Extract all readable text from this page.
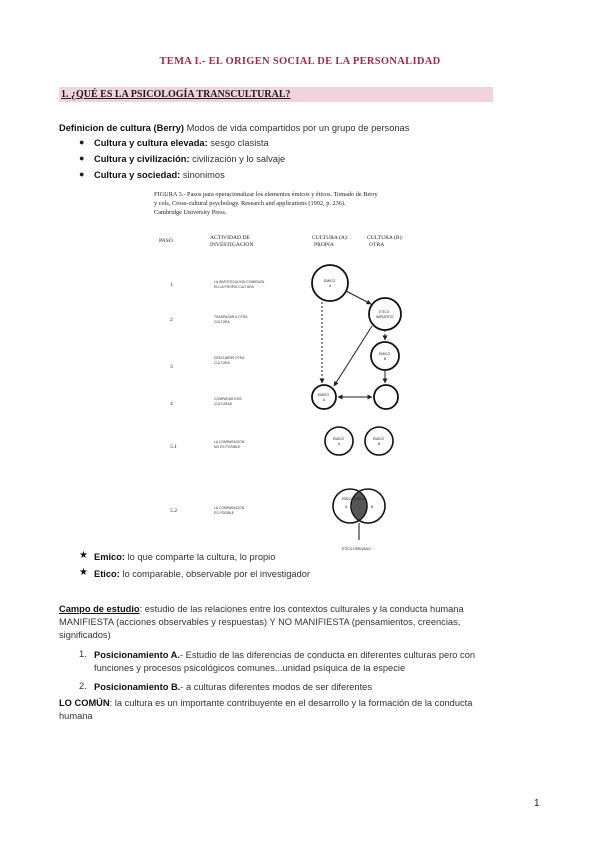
TEMA I.- EL ORIGEN SOCIAL DE LA PERSONALIDAD
1. ¿QUÉ ES LA PSICOLOGÍA TRANSCULTURAL?
Definicion de cultura (Berry) Modos de vida compartidos por un grupo de personas
● Cultura y cultura elevada: sesgo clasista
● Cultura y civilización: civilización y lo salvaje
● Cultura y sociedad: sinonimos
FIGURA 3.- Pasos para operacionalizar los elementos émicos y éticos. Tomado de Berry
y cols, Cross-cultural psychology. Research and applications (1992, p. 236).
Cambridge University Press.
PASO	ACTIVIDAD DE
INVESTIGACION
CULTURA (A):
PROPIA
CULTURA (B):
OTRA
1	LA INVESTIGACION COMIENZA
EN LA PROPIA CULTURA
2	TRASPASAR A OTRA
CULTURA
3
DESCUBRIR OTRA
CULTURA
4
COMPARAR DOS
CULTURAS
5.1
LA COMPARACION
NO ES POSIBLE
5.2	LA COMPARACION
ES POSIBLE
EMICO
A
ETICO
IMPUESTO
EMICO
B
EMICO
A
EMICO
A
EMICO
B
EMICO EMICO
A	B
ETICO DERIVADO
★ Emico: lo que comparte la cultura, lo propio
★ Etico: lo comparable, observable por el investigador
Campo de estudio: estudio de las relaciones entre los contextos culturales y la conducta humana
MANIFIESTA (acciones observables y respuestas) Y NO MANIFIESTA (pensamientos, creencias,
significados)
1. Posicionamiento A.- Estudio de las diferencias de conducta en diferentes culturas pero con
funciones y procesos psicológicos comunes...unidad psíquica de la especie
2. Posicionamiento B.- a culturas diferentes modos de ser diferentes
LO COMÚN: la cultura es un importante contribuyente en el desarrollo y la formación de la conducta
humana
1
